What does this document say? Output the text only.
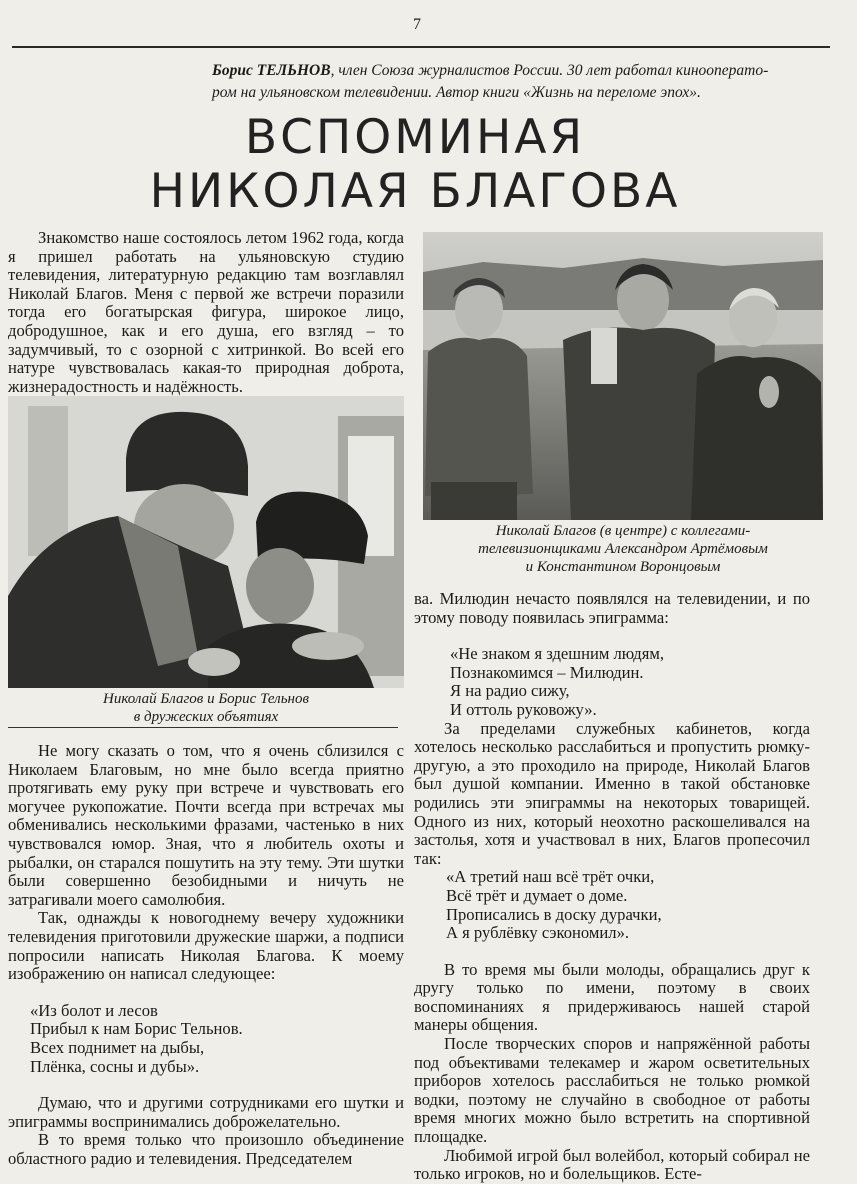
7
Борис ТЕЛЬНОВ, член Союза журналистов России. 30 лет работал кинооперато-
ром на ульяновском телевидении. Автор книги «Жизнь на переломе эпох».
ВСПОМИНАЯ
НИКОЛАЯ БЛАГОВА

Знакомство наше состоялось летом 1962 года, когда я пришел работать на ульяновскую студию телевидения, литературную редакцию там возглавлял Николай Благов. Меня с первой же встречи поразили тогда его богатырская фигура, широкое лицо, добродушное, как и его душа, его взгляд – то задумчивый, то с озорной с хитринкой. Во всей его натуре чувствовалась какая-то природная доброта, жизнерадостность и надёжность.

Николай Благов (в центре) с коллегами-
телевизионщиками Александром Артёмовым
и Константином Воронцовым
Николай Благов и Борис Тельнов
в дружеских объятиях

Не могу сказать о том, что я очень сблизился с Николаем Благовым, но мне было всегда приятно протягивать ему руку при встрече и чувствовать его могучее рукопожатие. Почти всегда при встречах мы обменивались несколькими фразами, частенько в них чувствовался юмор. Зная, что я любитель охоты и рыбалки, он старался пошутить на эту тему. Эти шутки были совершенно безобидными и ничуть не затрагивали моего самолюбия.

Так, однажды к новогоднему вечеру художники телевидения приготовили дружеские шаржи, а подписи попросили написать Николая Благова. К моему изображению он написал следующее:

«Из болот и лесов
Прибыл к нам Борис Тельнов.
Всех поднимет на дыбы,
Плёнка, сосны и дубы».

Думаю, что и другими сотрудниками его шутки и эпиграммы воспринимались доброжелательно.

В то время только что произошло объединение областного радио и телевидения. Председателем

ва. Милюдин нечасто появлялся на телевидении, и по этому поводу появилась эпиграмма:

«Не знаком я здешним людям,
Познакомимся – Милюдин.
Я на радио сижу,
И оттоль руковожу».

За пределами служебных кабинетов, когда хотелось несколько расслабиться и пропустить рюмку-другую, а это проходило на природе, Николай Благов был душой компании. Именно в такой обстановке родились эти эпиграммы на некоторых товарищей. Одного из них, который неохотно раскошеливался на застолья, хотя и участвовал в них, Благов пропесочил так:

«А третий наш всё трёт очки,
Всё трёт и думает о доме.
Прописались в доску дурачки,
А я рублёвку сэкономил».

В то время мы были молоды, обращались друг к другу только по имени, поэтому в своих воспоминаниях я придерживаюсь нашей старой манеры общения.

После творческих споров и напряжённой работы под объективами телекамер и жаром осветительных приборов хотелось расслабиться не только рюмкой водки, поэтому не случайно в свободное от работы время многих можно было встретить на спортивной площадке.

Любимой игрой был волейбол, который собирал не только игроков, но и болельщиков. Есте-
